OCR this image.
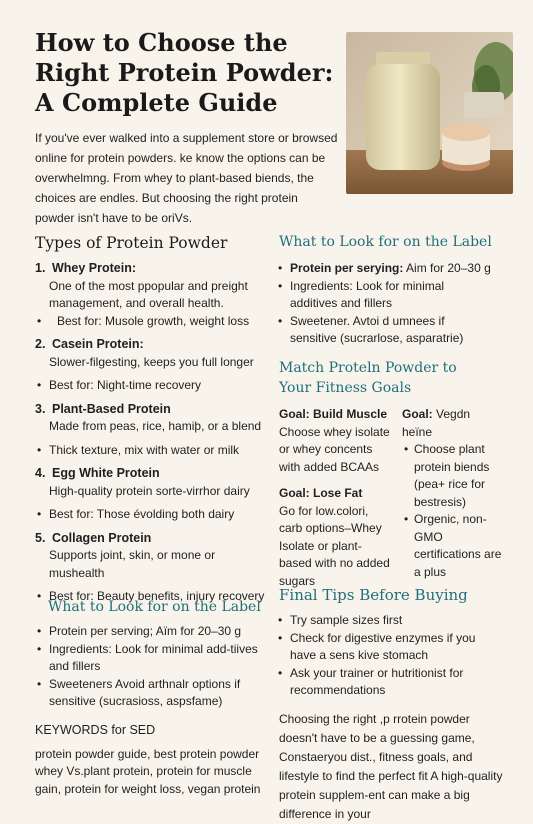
How to Choose the Right Protein Powder: A Complete Guide

If you've ever walked into a supplement store or browsed online for protein powders. ke know the options can be overwhelmng. From whey to plant-based biends, the choices are endles. But choosing the right protein powder isn't have to be oriVs.

Types of Protein Powder

1. Whey Protein:

One of the most ppopular and preight management, and overall health.

• Best for: Musole growth, weight loss

2. Casein Protein:

Slower-filgesting, keeps you full longer

• Best for: Night-time recovery

3. Plant-Based Protein

Made from peas, rice, hamiþ, or a blend

• Thick texture, mix with water or milk

4. Egg White Protein

High-quality protein sorte-virrhor dairy

• Best for: Those évolding both dairy

5. Collagen Protein

Supports joint, skin, or mone or mushealth

• Best for: Beauty benefits, injury recovery

What to Look for on the Label

• Protein per serving; Aïm for 20–30 g

• Ingredients: Look for minimal add-tiives and fillers

• Sweeteners Avoid arthnalr options if sensitive (sucrasioss, aspsfame)

KEYWORDS for SED

protein powder guide, best protein powder whey Vs.plant protein, protein for muscle gain, protein for weight loss, vegan protein

What to Look for on the Label

• Protein per serying: Aim for 20–30 g

• Ingredients: Look for minimal additives and fillers

• Sweetener. Avtoi d umnees if sensitive (sucrarlose, asparatrie)

Match Proteln Powder to Your Fitness Goals

Goal: Build Muscle

Choose whey isolate or whey concents with added BCAAs

Goal: Lose Fat

Go for low.colori, carb options–Whey Isolate or plant-based with no added sugars

Goal: Vegdn heïne

• Choose plant protein biends (pea+ rice for bestresis)

• Orgenic, non-GMO certifications are a plus

Final Tips Before Buying

• Try sample sizes first

• Check for digestive enzymes if you have a sens kive stomach

• Ask your trainer or hutritionist for recommendations

Choosing the right ,p rrotein powder doesn't have to be a guessing game, Constaeryou dist., fitness goals, and lifestyle to find the perfect fit A high-quality protein supplem-ent can make a big difference in your
